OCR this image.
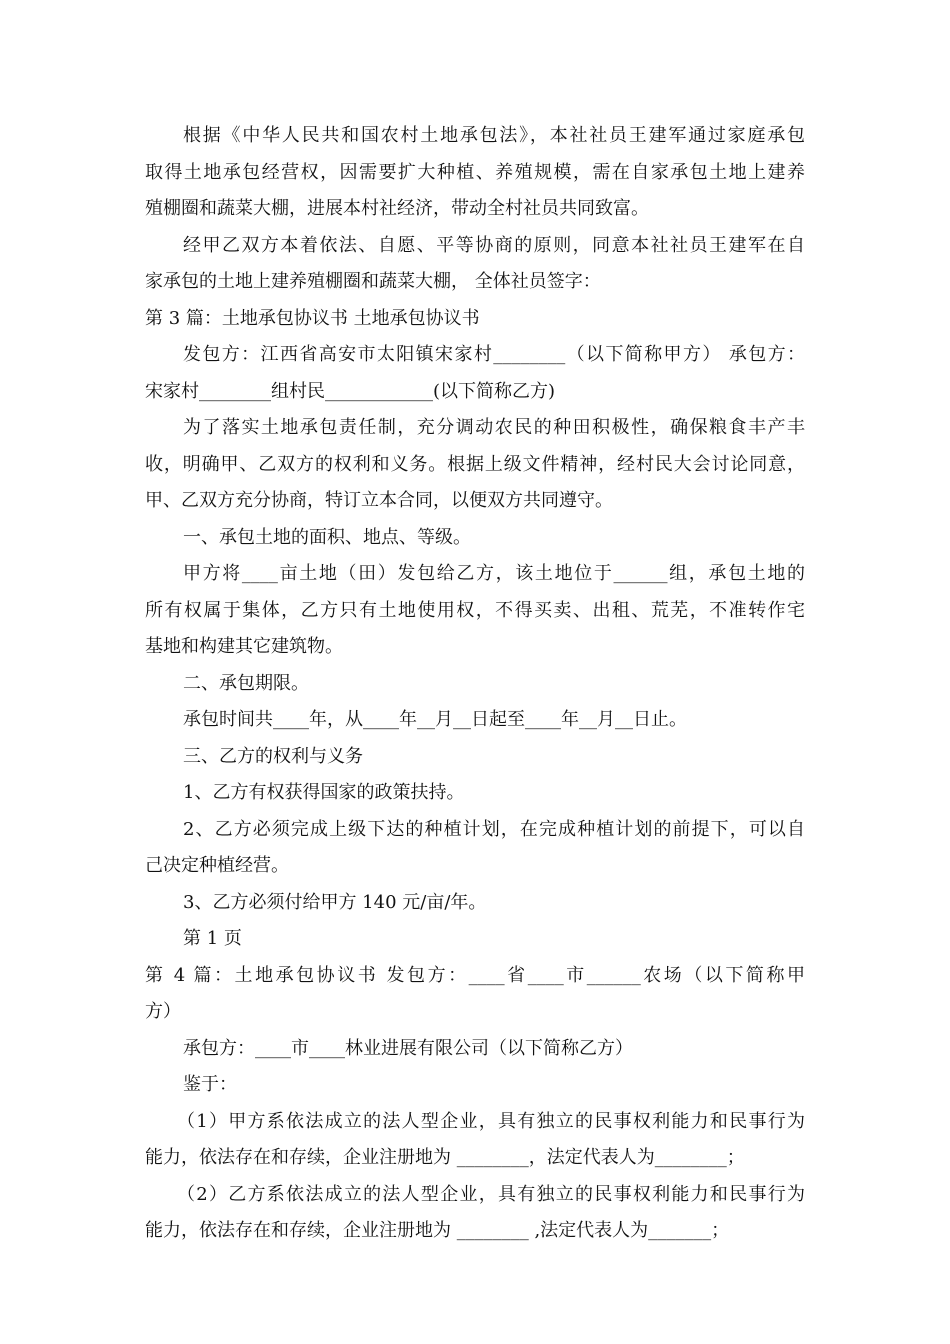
根据《中华人民共和国农村土地承包法》，本社社员王建军通过家庭承包

取得土地承包经营权，因需要扩大种植、养殖规模，需在自家承包土地上建养

殖棚圈和蔬菜大棚，进展本村社经济，带动全村社员共同致富。

经甲乙双方本着依法、自愿、平等协商的原则，同意本社社员王建军在自

家承包的土地上建养殖棚圈和蔬菜大棚， 全体社员签字：

第 3 篇：土地承包协议书 土地承包协议书

发包方：江西省高安市太阳镇宋家村________（以下简称甲方） 承包方：

宋家村________组村民____________(以下简称乙方)

为了落实土地承包责任制，充分调动农民的种田积极性，确保粮食丰产丰

收，明确甲、乙双方的权利和义务。根据上级文件精神，经村民大会讨论同意，

甲、乙双方充分协商，特订立本合同，以便双方共同遵守。

一、承包土地的面积、地点、等级。

甲方将____亩土地（田）发包给乙方，该土地位于______组，承包土地的

所有权属于集体，乙方只有土地使用权，不得买卖、出租、荒芜，不准转作宅

基地和构建其它建筑物。

二、承包期限。

承包时间共____年，从____年__月__日起至____年__月__日止。

三、乙方的权利与义务

1、乙方有权获得国家的政策扶持。

2、乙方必须完成上级下达的种植计划，在完成种植计划的前提下，可以自

己决定种植经营。

3、乙方必须付给甲方 140 元/亩/年。

第 1 页

第 4 篇：土地承包协议书 发包方：____省____市______农场（以下简称甲

方）

承包方：____市____林业进展有限公司（以下简称乙方）

鉴于：

（1）甲方系依法成立的法人型企业，具有独立的民事权利能力和民事行为

能力，依法存在和存续，企业注册地为 ________，法定代表人为________；

（2）乙方系依法成立的法人型企业，具有独立的民事权利能力和民事行为

能力，依法存在和存续，企业注册地为 ________ ,法定代表人为_______；
